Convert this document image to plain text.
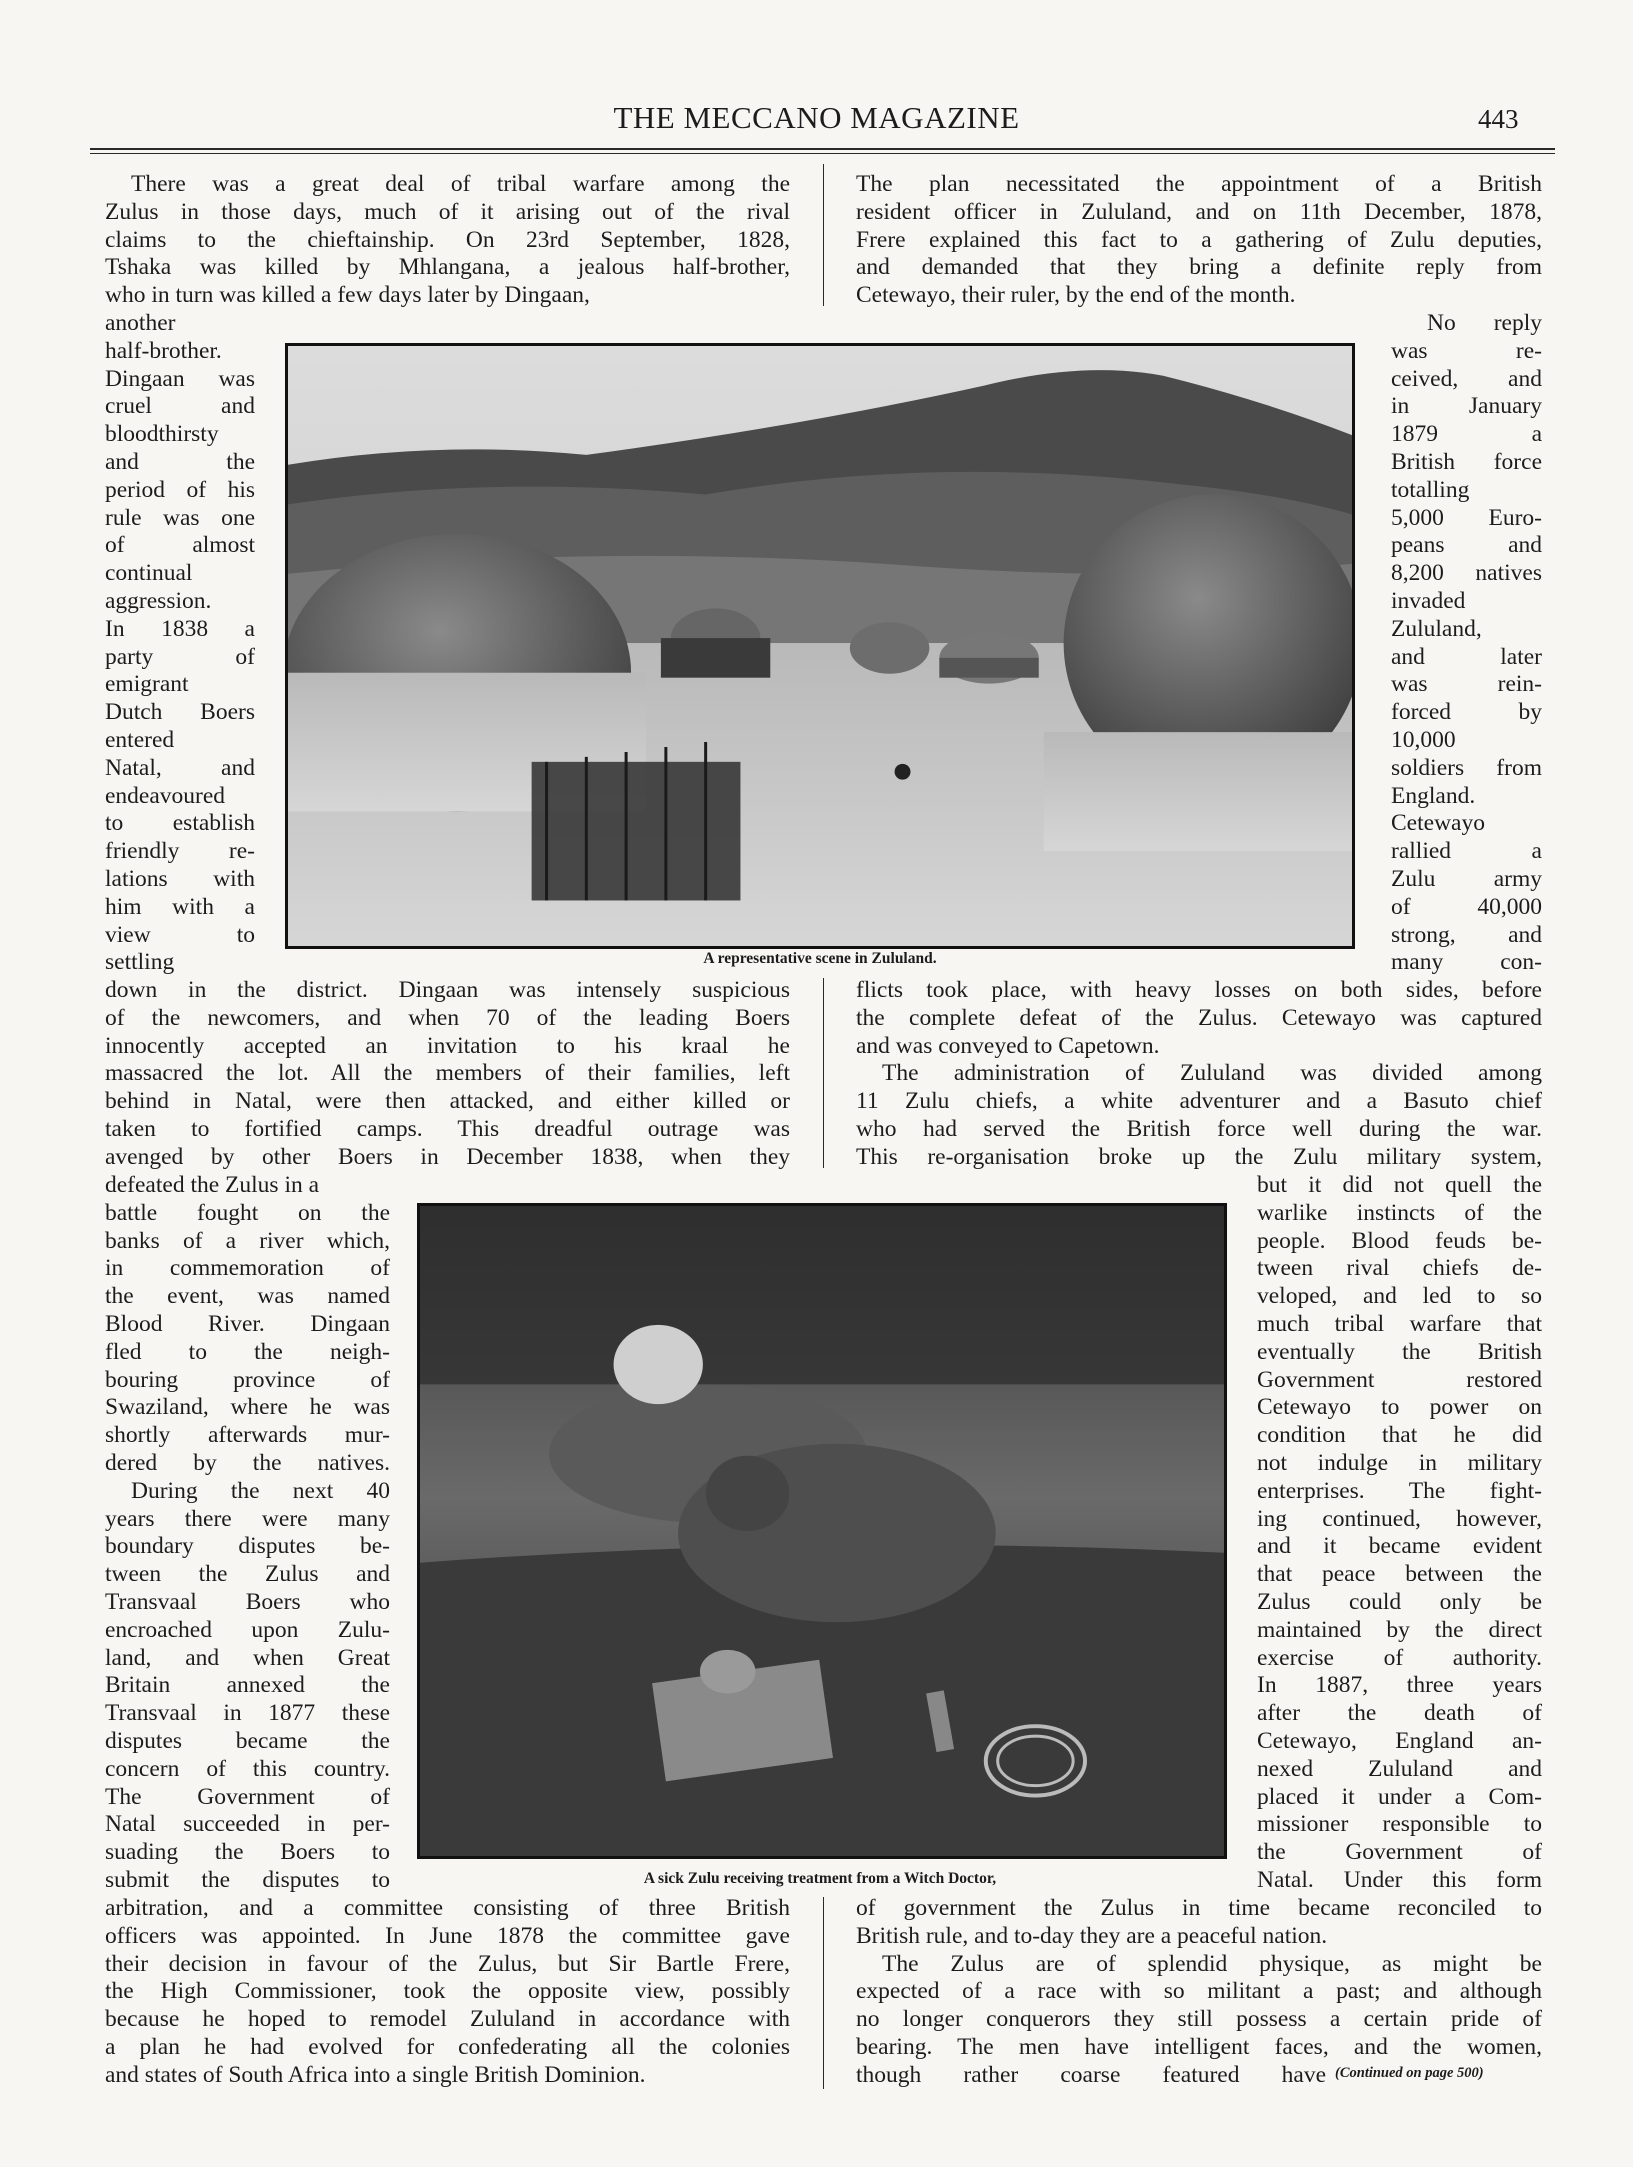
THE MECCANO MAGAZINE	443
A representative scene in Zululand.
A sick Zulu receiving treatment from a Witch Doctor,
(Continued on page 500)
There was a great deal of tribal warfare among the
Zulus in those days, much of it arising out of the rival
claims to the chieftainship. On 23rd September, 1828,
Tshaka was killed by Mhlangana, a jealous half-brother,
who in turn was killed a few days later by Dingaan,
The plan necessitated the appointment of a British
resident officer in Zululand, and on 11th December, 1878,
Frere explained this fact to a gathering of Zulu deputies,
and demanded that they bring a definite reply from
Cetewayo, their ruler, by the end of the month.
another
half-brother.
Dingaan was
cruel and
bloodthirsty
and the
period of his
rule was one
of almost
continual
aggression.
In 1838 a
party of
emigrant
Dutch Boers
entered
Natal, and
endeavoured
to establish
friendly re-
lations with
him with a
view to
settling
No reply
was re-
ceived, and
in January
1879 a
British force
totalling
5,000 Euro-
peans and
8,200 natives
invaded
Zululand,
and later
was rein-
forced by
10,000
soldiers from
England.
Cetewayo
rallied a
Zulu army
of 40,000
strong, and
many con-
down in the district. Dingaan was intensely suspicious
of the newcomers, and when 70 of the leading Boers
innocently accepted an invitation to his kraal he
massacred the lot. All the members of their families, left
behind in Natal, were then attacked, and either killed or
taken to fortified camps. This dreadful outrage was
avenged by other Boers in December 1838, when they
flicts took place, with heavy losses on both sides, before
the complete defeat of the Zulus. Cetewayo was captured
and was conveyed to Capetown.
The administration of Zululand was divided among
11 Zulu chiefs, a white adventurer and a Basuto chief
who had served the British force well during the war.
This re-organisation broke up the Zulu military system,
defeated the Zulus in a
battle fought on the
banks of a river which,
in commemoration of
the event, was named
Blood River. Dingaan
fled to the neigh-
bouring province of
Swaziland, where he was
shortly afterwards mur-
dered by the natives.
During the next 40
years there were many
boundary disputes be-
tween the Zulus and
Transvaal Boers who
encroached upon Zulu-
land, and when Great
Britain annexed the
Transvaal in 1877 these
disputes became the
concern of this country.
The Government of
Natal succeeded in per-
suading the Boers to
submit the disputes to
but it did not quell the
warlike instincts of the
people. Blood feuds be-
tween rival chiefs de-
veloped, and led to so
much tribal warfare that
eventually the British
Government restored
Cetewayo to power on
condition that he did
not indulge in military
enterprises. The fight-
ing continued, however,
and it became evident
that peace between the
Zulus could only be
maintained by the direct
exercise of authority.
In 1887, three years
after the death of
Cetewayo, England an-
nexed Zululand and
placed it under a Com-
missioner responsible to
the Government of
Natal. Under this form
arbitration, and a committee consisting of three British
officers was appointed. In June 1878 the committee gave
their decision in favour of the Zulus, but Sir Bartle Frere,
the High Commissioner, took the opposite view, possibly
because he hoped to remodel Zululand in accordance with
a plan he had evolved for confederating all the colonies
and states of South Africa into a single British Dominion.
of government the Zulus in time became reconciled to
British rule, and to-day they are a peaceful nation.
The Zulus are of splendid physique, as might be
expected of a race with so militant a past; and although
no longer conquerors they still possess a certain pride of
bearing. The men have intelligent faces, and the women,
though rather coarse featured have
